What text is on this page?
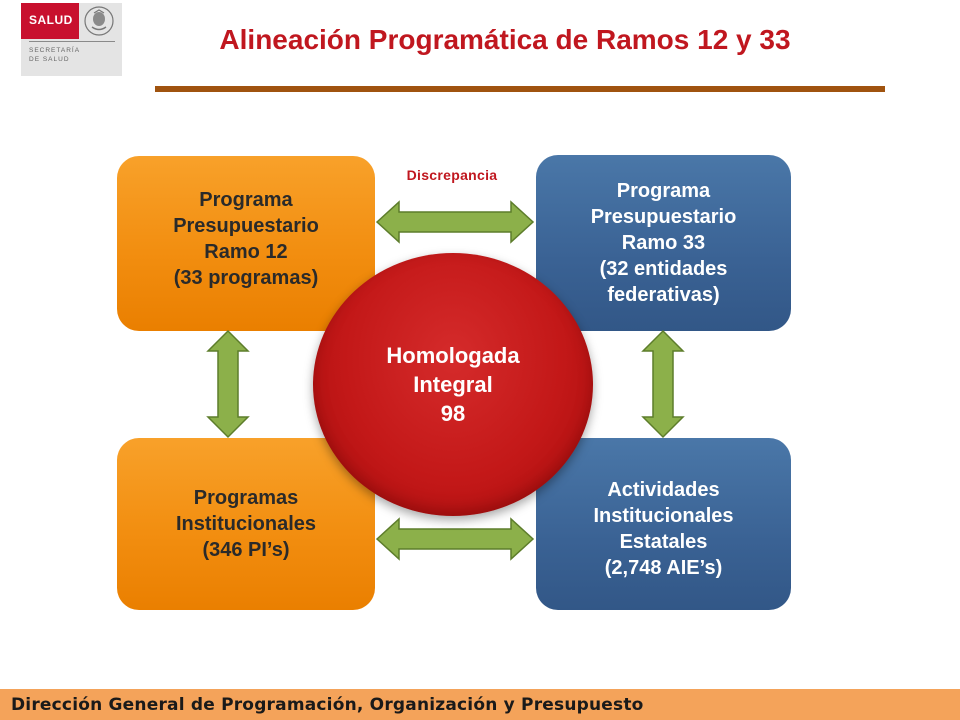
SALUD
SECRETARÍA DE SALUD
Alineación Programática de Ramos 12 y 33
Programa
Presupuestario
Ramo 12
(33 programas)
Programa
Presupuestario
Ramo 33
(32 entidades
federativas)
Programas
Institucionales
(346 PI’s)
Actividades
Institucionales
Estatales
(2,748 AIE’s)
Discrepancia
Homologada
Integral
98
Dirección General de Programación, Organización y Presupuesto
